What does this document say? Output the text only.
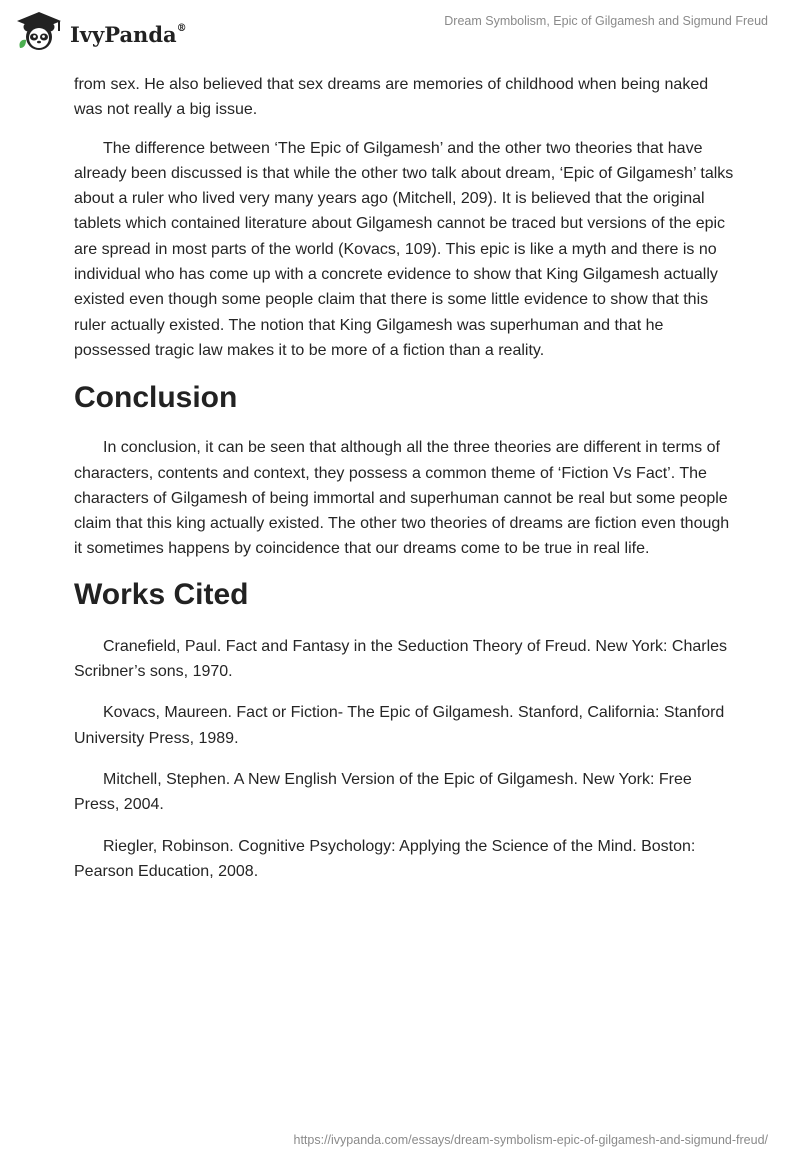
IvyPanda®	Dream Symbolism, Epic of Gilgamesh and Sigmund Freud

from sex. He also believed that sex dreams are memories of childhood when being naked was not really a big issue.

The difference between ‘The Epic of Gilgamesh’ and the other two theories that have already been discussed is that while the other two talk about dream, ‘Epic of Gilgamesh’ talks about a ruler who lived very many years ago (Mitchell, 209). It is believed that the original tablets which contained literature about Gilgamesh cannot be traced but versions of the epic are spread in most parts of the world (Kovacs, 109). This epic is like a myth and there is no individual who has come up with a concrete evidence to show that King Gilgamesh actually existed even though some people claim that there is some little evidence to show that this ruler actually existed. The notion that King Gilgamesh was superhuman and that he possessed tragic law makes it to be more of a fiction than a reality.

Conclusion

In conclusion, it can be seen that although all the three theories are different in terms of characters, contents and context, they possess a common theme of ‘Fiction Vs Fact’. The characters of Gilgamesh of being immortal and superhuman cannot be real but some people claim that this king actually existed. The other two theories of dreams are fiction even though it sometimes happens by coincidence that our dreams come to be true in real life.

Works Cited

Cranefield, Paul. Fact and Fantasy in the Seduction Theory of Freud. New York: Charles Scribner’s sons, 1970.

Kovacs, Maureen. Fact or Fiction- The Epic of Gilgamesh. Stanford, California: Stanford University Press, 1989.

Mitchell, Stephen. A New English Version of the Epic of Gilgamesh. New York: Free Press, 2004.

Riegler, Robinson. Cognitive Psychology: Applying the Science of the Mind. Boston: Pearson Education, 2008.

https://ivypanda.com/essays/dream-symbolism-epic-of-gilgamesh-and-sigmund-freud/
